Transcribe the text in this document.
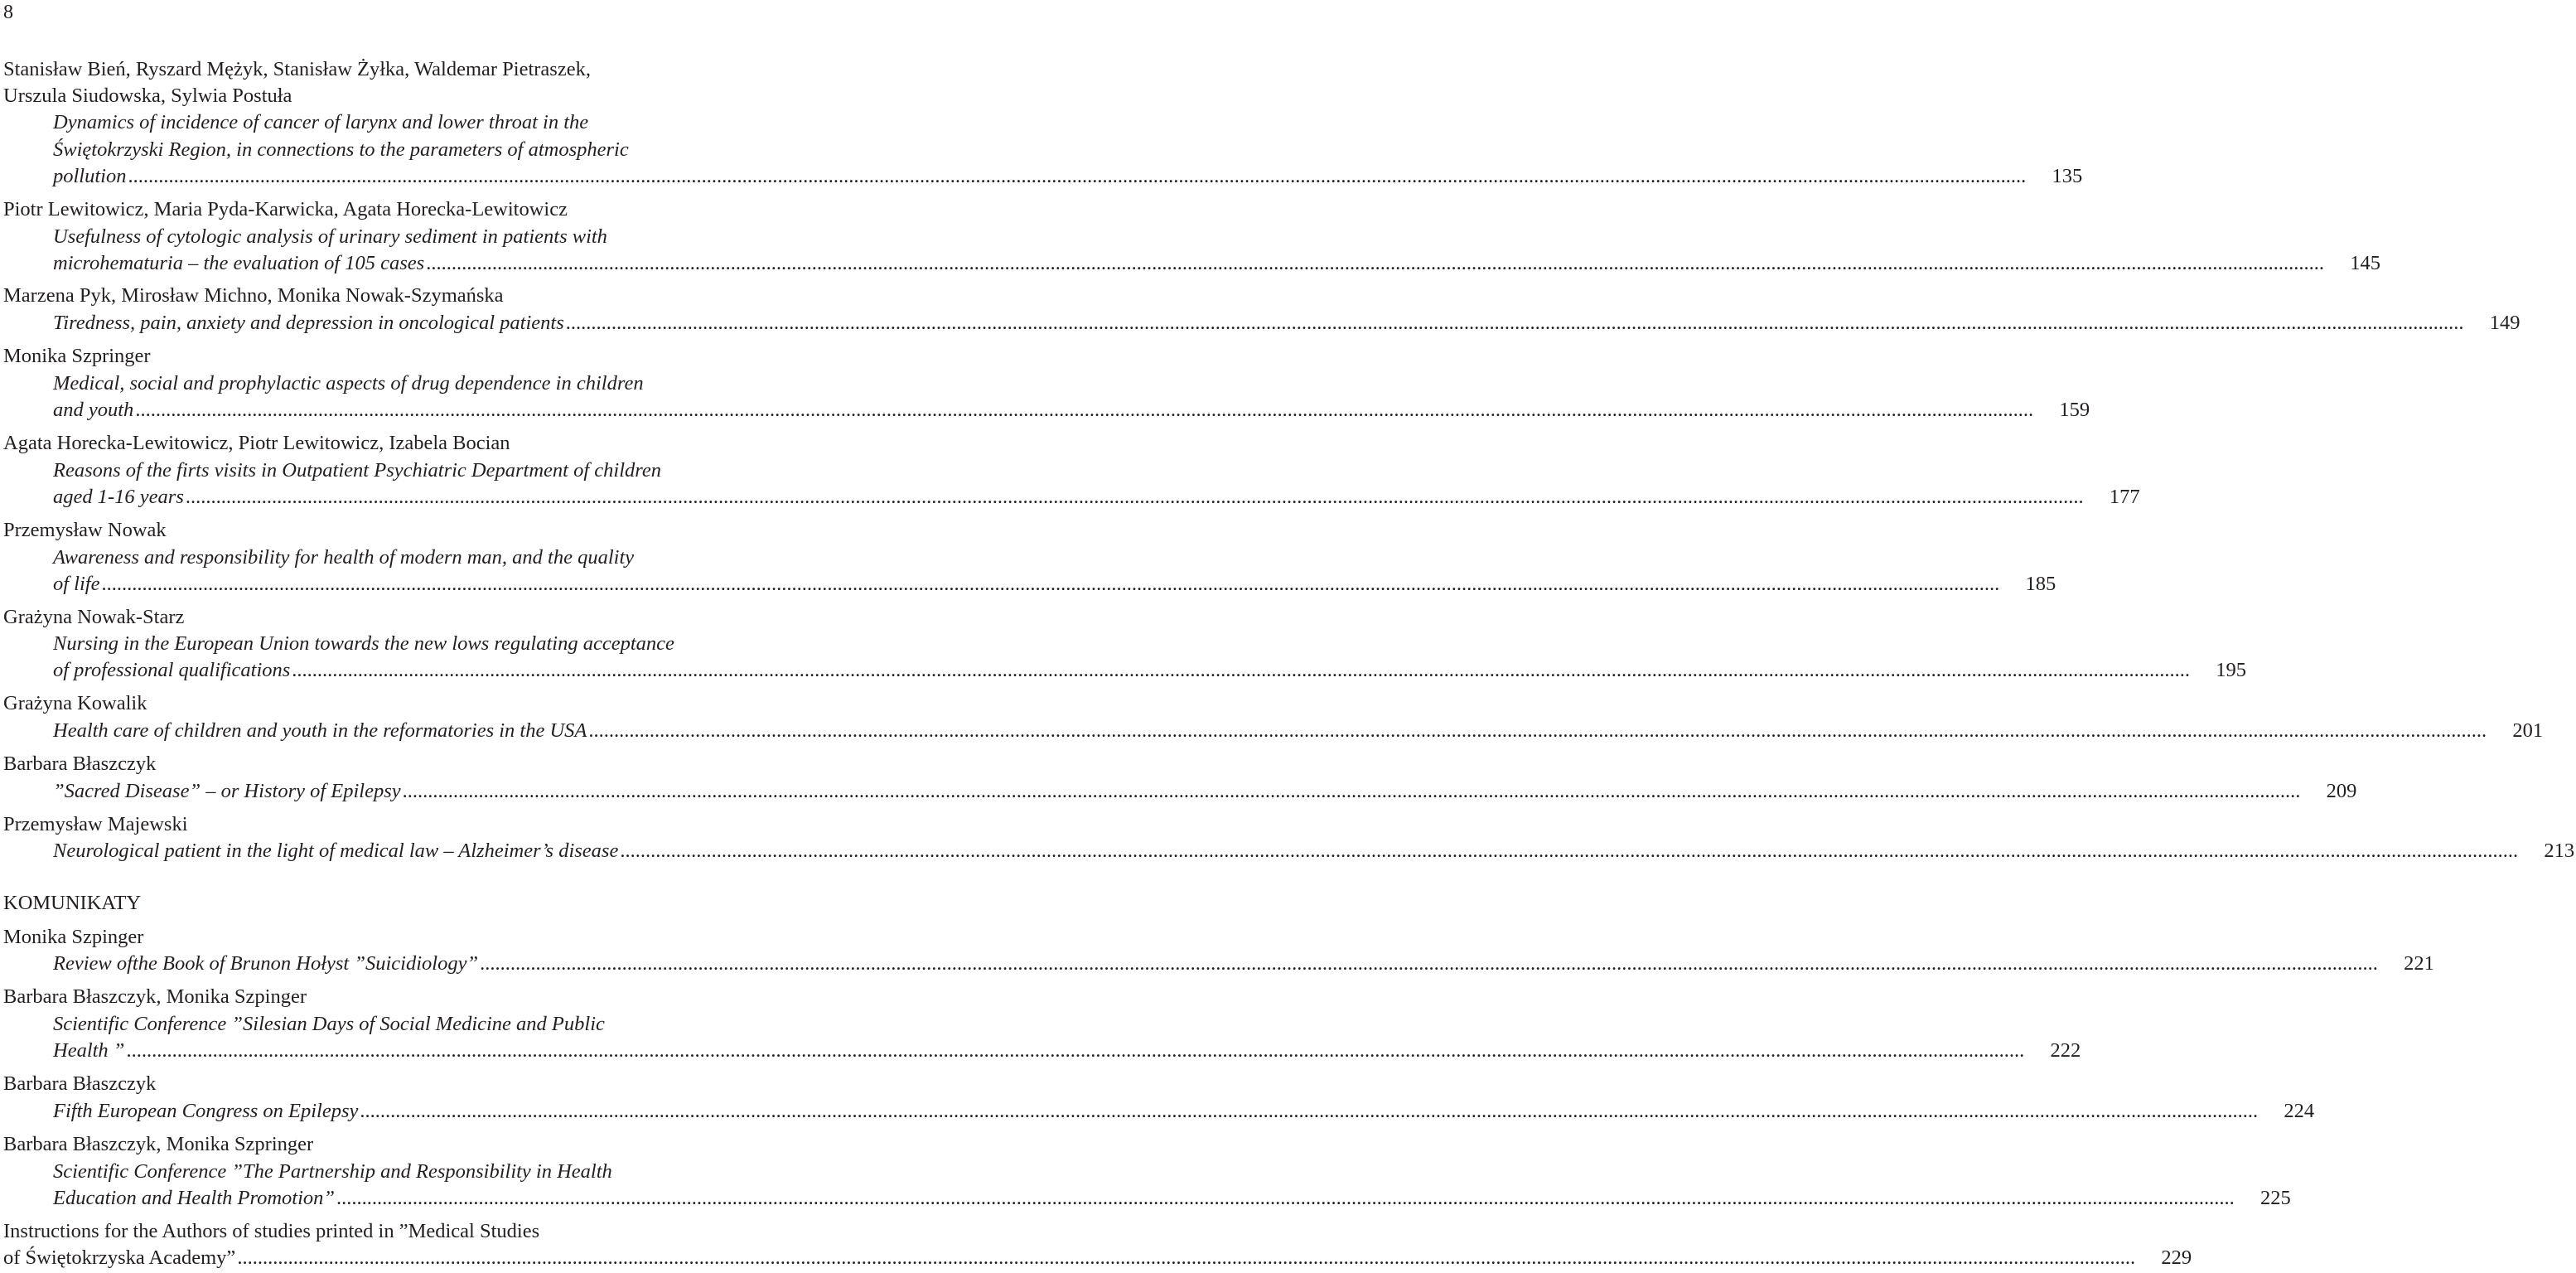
8
Stanisław Bień, Ryszard Mężyk, Stanisław Żyłka, Waldemar Pietraszek,
Urszula Siudowska, Sylwia Postuła
Dynamics of incidence of cancer of larynx and lower throat in the
Świętokrzyski Region, in connections to the parameters of atmospheric
pollution .....	135
Piotr Lewitowicz, Maria Pyda-Karwicka, Agata Horecka-Lewitowicz
Usefulness of cytologic analysis of urinary sediment in patients with
microhematuria – the evaluation of 105 cases .....	145
Marzena Pyk, Mirosław Michno, Monika Nowak-Szymańska
Tiredness, pain, anxiety and depression in oncological patients .....	149
Monika Szpringer
Medical, social and prophylactic aspects of drug dependence in children
and youth .....	159
Agata Horecka-Lewitowicz, Piotr Lewitowicz, Izabela Bocian
Reasons of the firts visits in Outpatient Psychiatric Department of children
aged 1-16 years .....	177
Przemysław Nowak
Awareness and responsibility for health of modern man, and the quality
of life .....	185
Grażyna Nowak-Starz
Nursing in the European Union towards the new lows regulating acceptance
of professional qualifications .....	195
Grażyna Kowalik
Health care of children and youth in the reformatories in the USA .....	201
Barbara Błaszczyk
”Sacred Disease” – or History of Epilepsy .....	209
Przemysław Majewski
Neurological patient in the light of medical law – Alzheimer’s disease .....	213
KOMUNIKATY
Monika Szpinger
Review ofthe Book of Brunon Hołyst ”Suicidiology” .....	221
Barbara Błaszczyk, Monika Szpinger
Scientific Conference ”Silesian Days of Social Medicine and Public
Health ” .....	222
Barbara Błaszczyk
Fifth European Congress on Epilepsy .....	224
Barbara Błaszczyk, Monika Szpringer
Scientific Conference ”The Partnership and Responsibility in Health
Education and Health Promotion” .....	225
Instructions for the Authors of studies printed in ”Medical Studies
of Świętokrzyska Academy” .....	229
